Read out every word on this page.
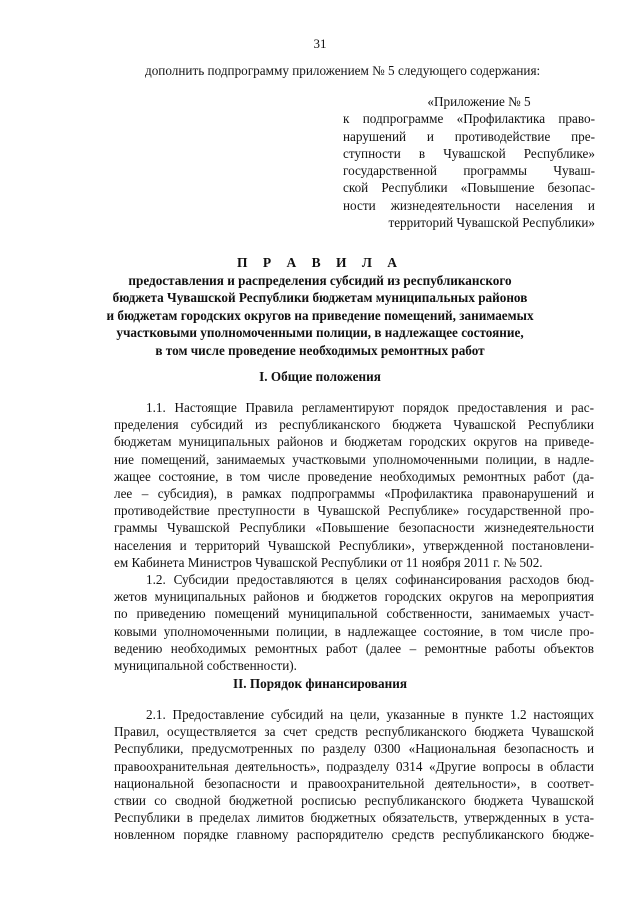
31
дополнить подпрограмму приложением № 5 следующего содержания:
«Приложение № 5
к подпрограмме «Профилактика право-
нарушений и противодействие пре-
ступности в Чувашской Республике»
государственной программы Чуваш-
ской Республики «Повышение безопас-
ности жизнедеятельности населения и
территорий Чувашской Республики»
П Р А В И Л А
предоставления и распределения субсидий из республиканского
бюджета Чувашской Республики бюджетам муниципальных районов
и бюджетам городских округов на приведение помещений, занимаемых
участковыми уполномоченными полиции, в надлежащее состояние,
в том числе проведение необходимых ремонтных работ
I. Общие положения
1.1. Настоящие Правила регламентируют порядок предоставления и рас-
пределения субсидий из республиканского бюджета Чувашской Республики
бюджетам муниципальных районов и бюджетам городских округов на приведе-
ние помещений, занимаемых участковыми уполномоченными полиции, в надле-
жащее состояние, в том числе проведение необходимых ремонтных работ (да-
лее – субсидия), в рамках подпрограммы «Профилактика правонарушений и
противодействие преступности в Чувашской Республике» государственной про-
граммы Чувашской Республики «Повышение безопасности жизнедеятельности
населения и территорий Чувашской Республики», утвержденной постановлени-
ем Кабинета Министров Чувашской Республики от 11 ноября 2011 г. № 502.
1.2. Субсидии предоставляются в целях софинансирования расходов бюд-
жетов муниципальных районов и бюджетов городских округов на мероприятия
по приведению помещений муниципальной собственности, занимаемых участ-
ковыми уполномоченными полиции, в надлежащее состояние, в том числе про-
ведению необходимых ремонтных работ (далее – ремонтные работы объектов
муниципальной собственности).
II. Порядок финансирования
2.1. Предоставление субсидий на цели, указанные в пункте 1.2 настоящих
Правил, осуществляется за счет средств республиканского бюджета Чувашской
Республики, предусмотренных по разделу 0300 «Национальная безопасность и
правоохранительная деятельность», подразделу 0314 «Другие вопросы в области
национальной безопасности и правоохранительной деятельности», в соответ-
ствии со сводной бюджетной росписью республиканского бюджета Чувашской
Республики в пределах лимитов бюджетных обязательств, утвержденных в уста-
новленном порядке главному распорядителю средств республиканского бюдже-
